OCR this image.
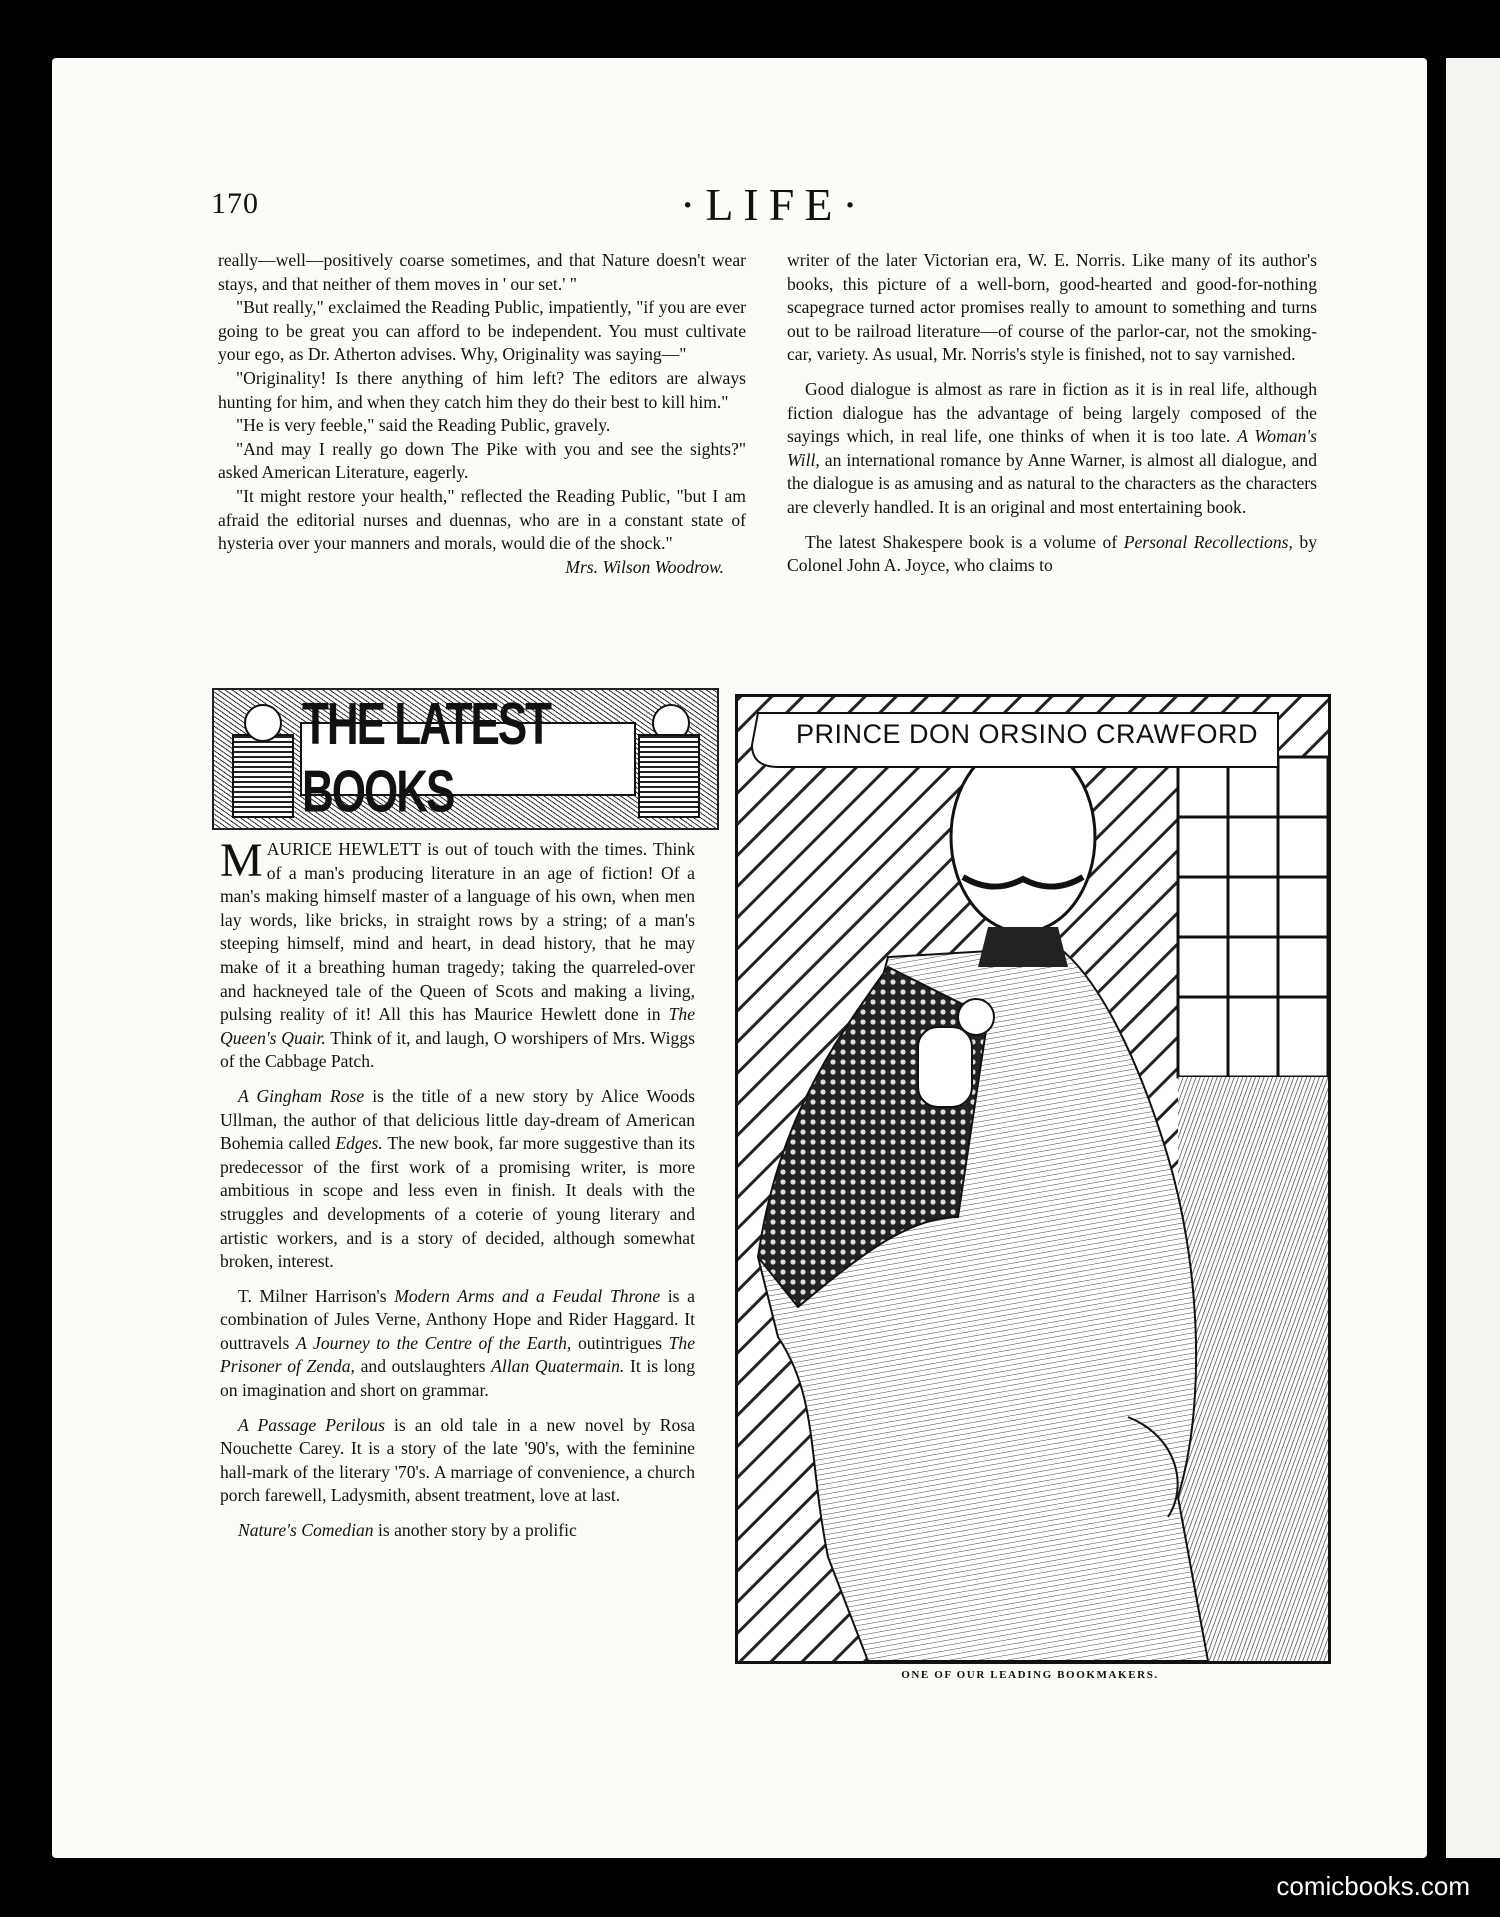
170	·LIFE·

really—well—positively coarse sometimes, and that Nature doesn't wear stays, and that neither of them moves in ' our set.' "

"But really," exclaimed the Reading Public, impatiently, "if you are ever going to be great you can afford to be independent. You must cultivate your ego, as Dr. Atherton advises. Why, Originality was saying—"

"Originality! Is there anything of him left? The editors are always hunting for him, and when they catch him they do their best to kill him."

"He is very feeble," said the Reading Public, gravely.

"And may I really go down The Pike with you and see the sights?" asked American Literature, eagerly.

"It might restore your health," reflected the Reading Public, "but I am afraid the editorial nurses and duennas, who are in a constant state of hysteria over your manners and morals, would die of the shock."

Mrs. Wilson Woodrow.

writer of the later Victorian era, W. E. Norris. Like many of its author's books, this picture of a well-born, good-hearted and good-for-nothing scapegrace turned actor promises really to amount to something and turns out to be railroad literature—of course of the parlor-car, not the smoking-car, variety. As usual, Mr. Norris's style is finished, not to say varnished.

Good dialogue is almost as rare in fiction as it is in real life, although fiction dialogue has the advantage of being largely composed of the sayings which, in real life, one thinks of when it is too late. A Woman's Will, an international romance by Anne Warner, is almost all dialogue, and the dialogue is as amusing and as natural to the characters as the characters are cleverly handled. It is an original and most entertaining book.

The latest Shakespere book is a volume of Personal Recollections, by Colonel John A. Joyce, who claims to

THE LATEST BOOKS

MAURICE HEWLETT is out of touch with the times. Think of a man's producing literature in an age of fiction! Of a man's making himself master of a language of his own, when men lay words, like bricks, in straight rows by a string; of a man's steeping himself, mind and heart, in dead history, that he may make of it a breathing human tragedy; taking the quarreled-over and hackneyed tale of the Queen of Scots and making a living, pulsing reality of it! All this has Maurice Hewlett done in The Queen's Quair. Think of it, and laugh, O worshipers of Mrs. Wiggs of the Cabbage Patch.

A Gingham Rose is the title of a new story by Alice Woods Ullman, the author of that delicious little day-dream of American Bohemia called Edges. The new book, far more suggestive than its predecessor of the first work of a promising writer, is more ambitious in scope and less even in finish. It deals with the struggles and developments of a coterie of young literary and artistic workers, and is a story of decided, although somewhat broken, interest.

T. Milner Harrison's Modern Arms and a Feudal Throne is a combination of Jules Verne, Anthony Hope and Rider Haggard. It outtravels A Journey to the Centre of the Earth, outintrigues The Prisoner of Zenda, and outslaughters Allan Quatermain. It is long on imagination and short on grammar.

A Passage Perilous is an old tale in a new novel by Rosa Nouchette Carey. It is a story of the late '90's, with the feminine hall-mark of the literary '70's. A marriage of convenience, a church porch farewell, Ladysmith, absent treatment, love at last.

Nature's Comedian is another story by a prolific

PRINCE DON ORSINO CRAWFORD
ONE OF OUR LEADING BOOKMAKERS.
comicbooks.com
